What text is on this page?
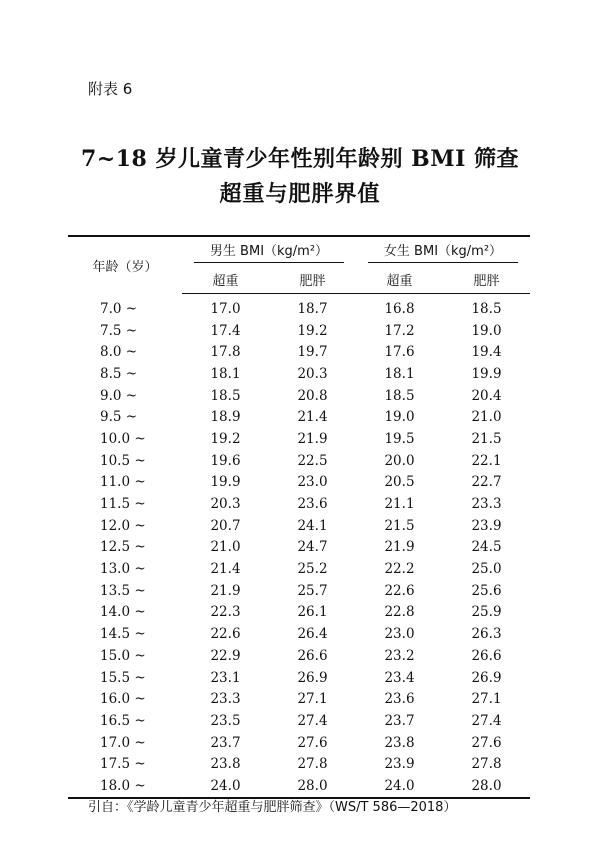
附表 6
7~18 岁儿童青少年性别年龄别 BMI 筛查
超重与肥胖界值
年龄（岁）	男生 BMI（kg/m²）		女生 BMI（kg/m²）	
	超重	肥胖	超重	肥胖
7.0 ~	17.0	18.7	16.8	18.5
7.5 ~	17.4	19.2	17.2	19.0
8.0 ~	17.8	19.7	17.6	19.4
8.5 ~	18.1	20.3	18.1	19.9
9.0 ~	18.5	20.8	18.5	20.4
9.5 ~	18.9	21.4	19.0	21.0
10.0 ~	19.2	21.9	19.5	21.5
10.5 ~	19.6	22.5	20.0	22.1
11.0 ~	19.9	23.0	20.5	22.7
11.5 ~	20.3	23.6	21.1	23.3
12.0 ~	20.7	24.1	21.5	23.9
12.5 ~	21.0	24.7	21.9	24.5
13.0 ~	21.4	25.2	22.2	25.0
13.5 ~	21.9	25.7	22.6	25.6
14.0 ~	22.3	26.1	22.8	25.9
14.5 ~	22.6	26.4	23.0	26.3
15.0 ~	22.9	26.6	23.2	26.6
15.5 ~	23.1	26.9	23.4	26.9
16.0 ~	23.3	27.1	23.6	27.1
16.5 ~	23.5	27.4	23.7	27.4
17.0 ~	23.7	27.6	23.8	27.6
17.5 ~	23.8	27.8	23.9	27.8
18.0 ~	24.0	28.0	24.0	28.0
引自：《学龄儿童青少年超重与肥胖筛查》（WS/T 586—2018）
